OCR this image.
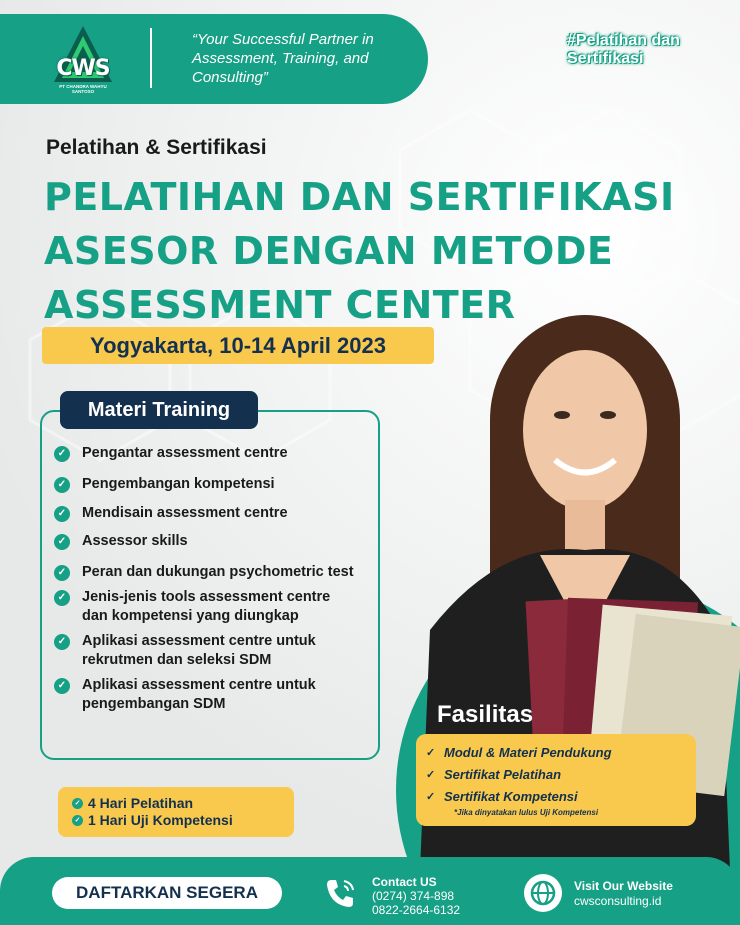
CWS
PT CHANDRA WAHYU SANTOSO
“Your Successful Partner in Assessment, Training, and Consulting”
#Pelatihan dan
Sertifikasi
Pelatihan & Sertifikasi
PELATIHAN DAN SERTIFIKASI
ASESOR DENGAN METODE
ASSESSMENT CENTER
Yogyakarta, 10-14 April 2023
Materi Training
✓ Pengantar assessment centre
✓ Pengembangan kompetensi
✓ Mendisain assessment centre
✓ Assessor skills
✓ Peran dan dukungan psychometric test
✓ Jenis-jenis tools assessment centre dan kompetensi yang diungkap
✓ Aplikasi assessment centre untuk rekrutmen dan seleksi SDM
✓ Aplikasi assessment centre untuk pengembangan SDM
✓ 4 Hari Pelatihan
✓ 1 Hari Uji Kompetensi
Fasilitas
✓ Modul & Materi Pendukung
✓ Sertifikat Pelatihan
✓ Sertifikat Kompetensi
*Jika dinyatakan lulus Uji Kompetensi
DAFTARKAN SEGERA
Contact US
(0274) 374-898
0822-2664-6132
Visit Our Website
cwsconsulting.id
